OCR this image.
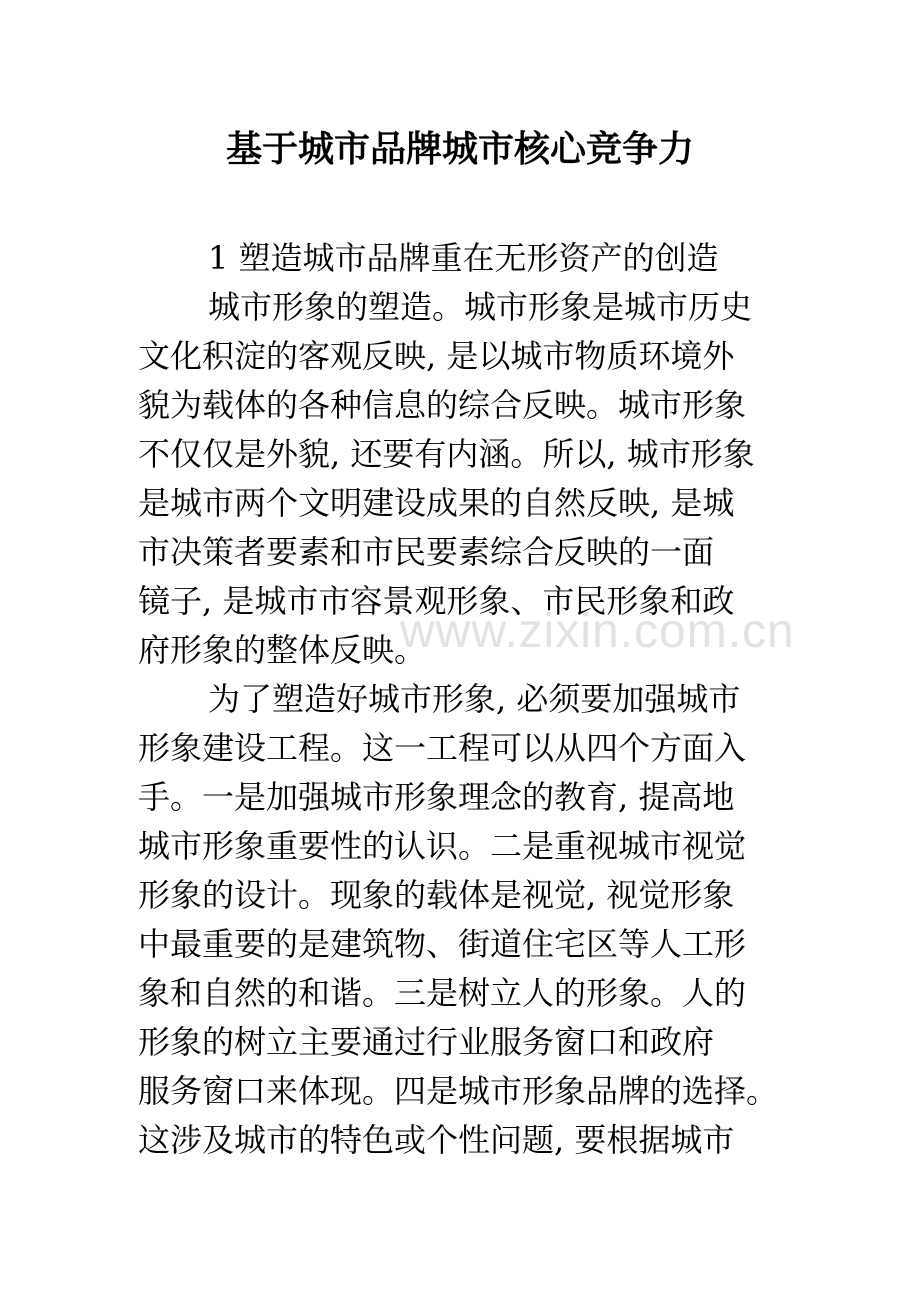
基于城市品牌城市核心竞争力

1 塑造城市品牌重在无形资产的创造

城市形象的塑造。城市形象是城市历史

文化积淀的客观反映, 是以城市物质环境外

貌为载体的各种信息的综合反映。城市形象

不仅仅是外貌, 还要有内涵。所以, 城市形象

是城市两个文明建设成果的自然反映, 是城

市决策者要素和市民要素综合反映的一面

镜子, 是城市市容景观形象、市民形象和政

府形象的整体反映。

为了塑造好城市形象, 必须要加强城市

形象建设工程。这一工程可以从四个方面入

手。一是加强城市形象理念的教育, 提高地

城市形象重要性的认识。二是重视城市视觉

形象的设计。现象的载体是视觉, 视觉形象

中最重要的是建筑物、街道住宅区等人工形

象和自然的和谐。三是树立人的形象。人的

形象的树立主要通过行业服务窗口和政府

服务窗口来体现。四是城市形象品牌的选择。

这涉及城市的特色或个性问题, 要根据城市

www.zixin.com.cn
